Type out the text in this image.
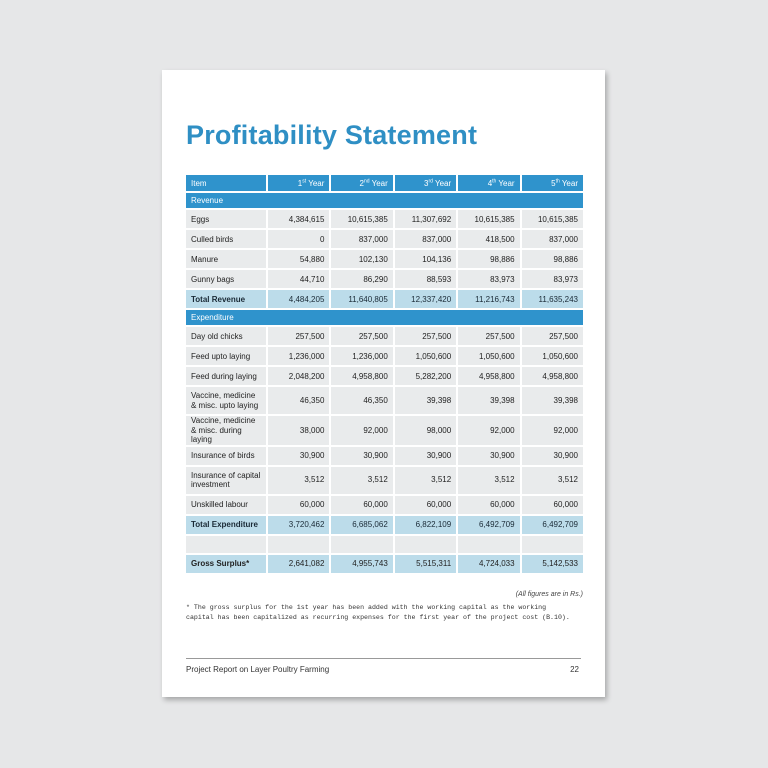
Profitability Statement
Item	1st Year	2nd Year	3rd Year	4th Year	5th Year
Revenue					
Eggs	4,384,615	10,615,385	11,307,692	10,615,385	10,615,385
Culled birds	0	837,000	837,000	418,500	837,000
Manure	54,880	102,130	104,136	98,886	98,886
Gunny bags	44,710	86,290	88,593	83,973	83,973
Total Revenue	4,484,205	11,640,805	12,337,420	11,216,743	11,635,243
Expenditure					
Day old chicks	257,500	257,500	257,500	257,500	257,500
Feed upto laying	1,236,000	1,236,000	1,050,600	1,050,600	1,050,600
Feed during laying	2,048,200	4,958,800	5,282,200	4,958,800	4,958,800
Vaccine, medicine & misc. upto laying	46,350	46,350	39,398	39,398	39,398
Vaccine, medicine & misc. during laying	38,000	92,000	98,000	92,000	92,000
Insurance of birds	30,900	30,900	30,900	30,900	30,900
Insurance of capital investment	3,512	3,512	3,512	3,512	3,512
Unskilled labour	60,000	60,000	60,000	60,000	60,000
Total Expenditure	3,720,462	6,685,062	6,822,109	6,492,709	6,492,709

Gross Surplus*	2,641,082	4,955,743	5,515,311	4,724,033	5,142,533
(All figures are in Rs.)
* The gross surplus for the 1st year has been added with the working capital as the working capital has been capitalized as recurring expenses for the first year of the project cost (B.10).
Project Report on Layer Poultry Farming	22
